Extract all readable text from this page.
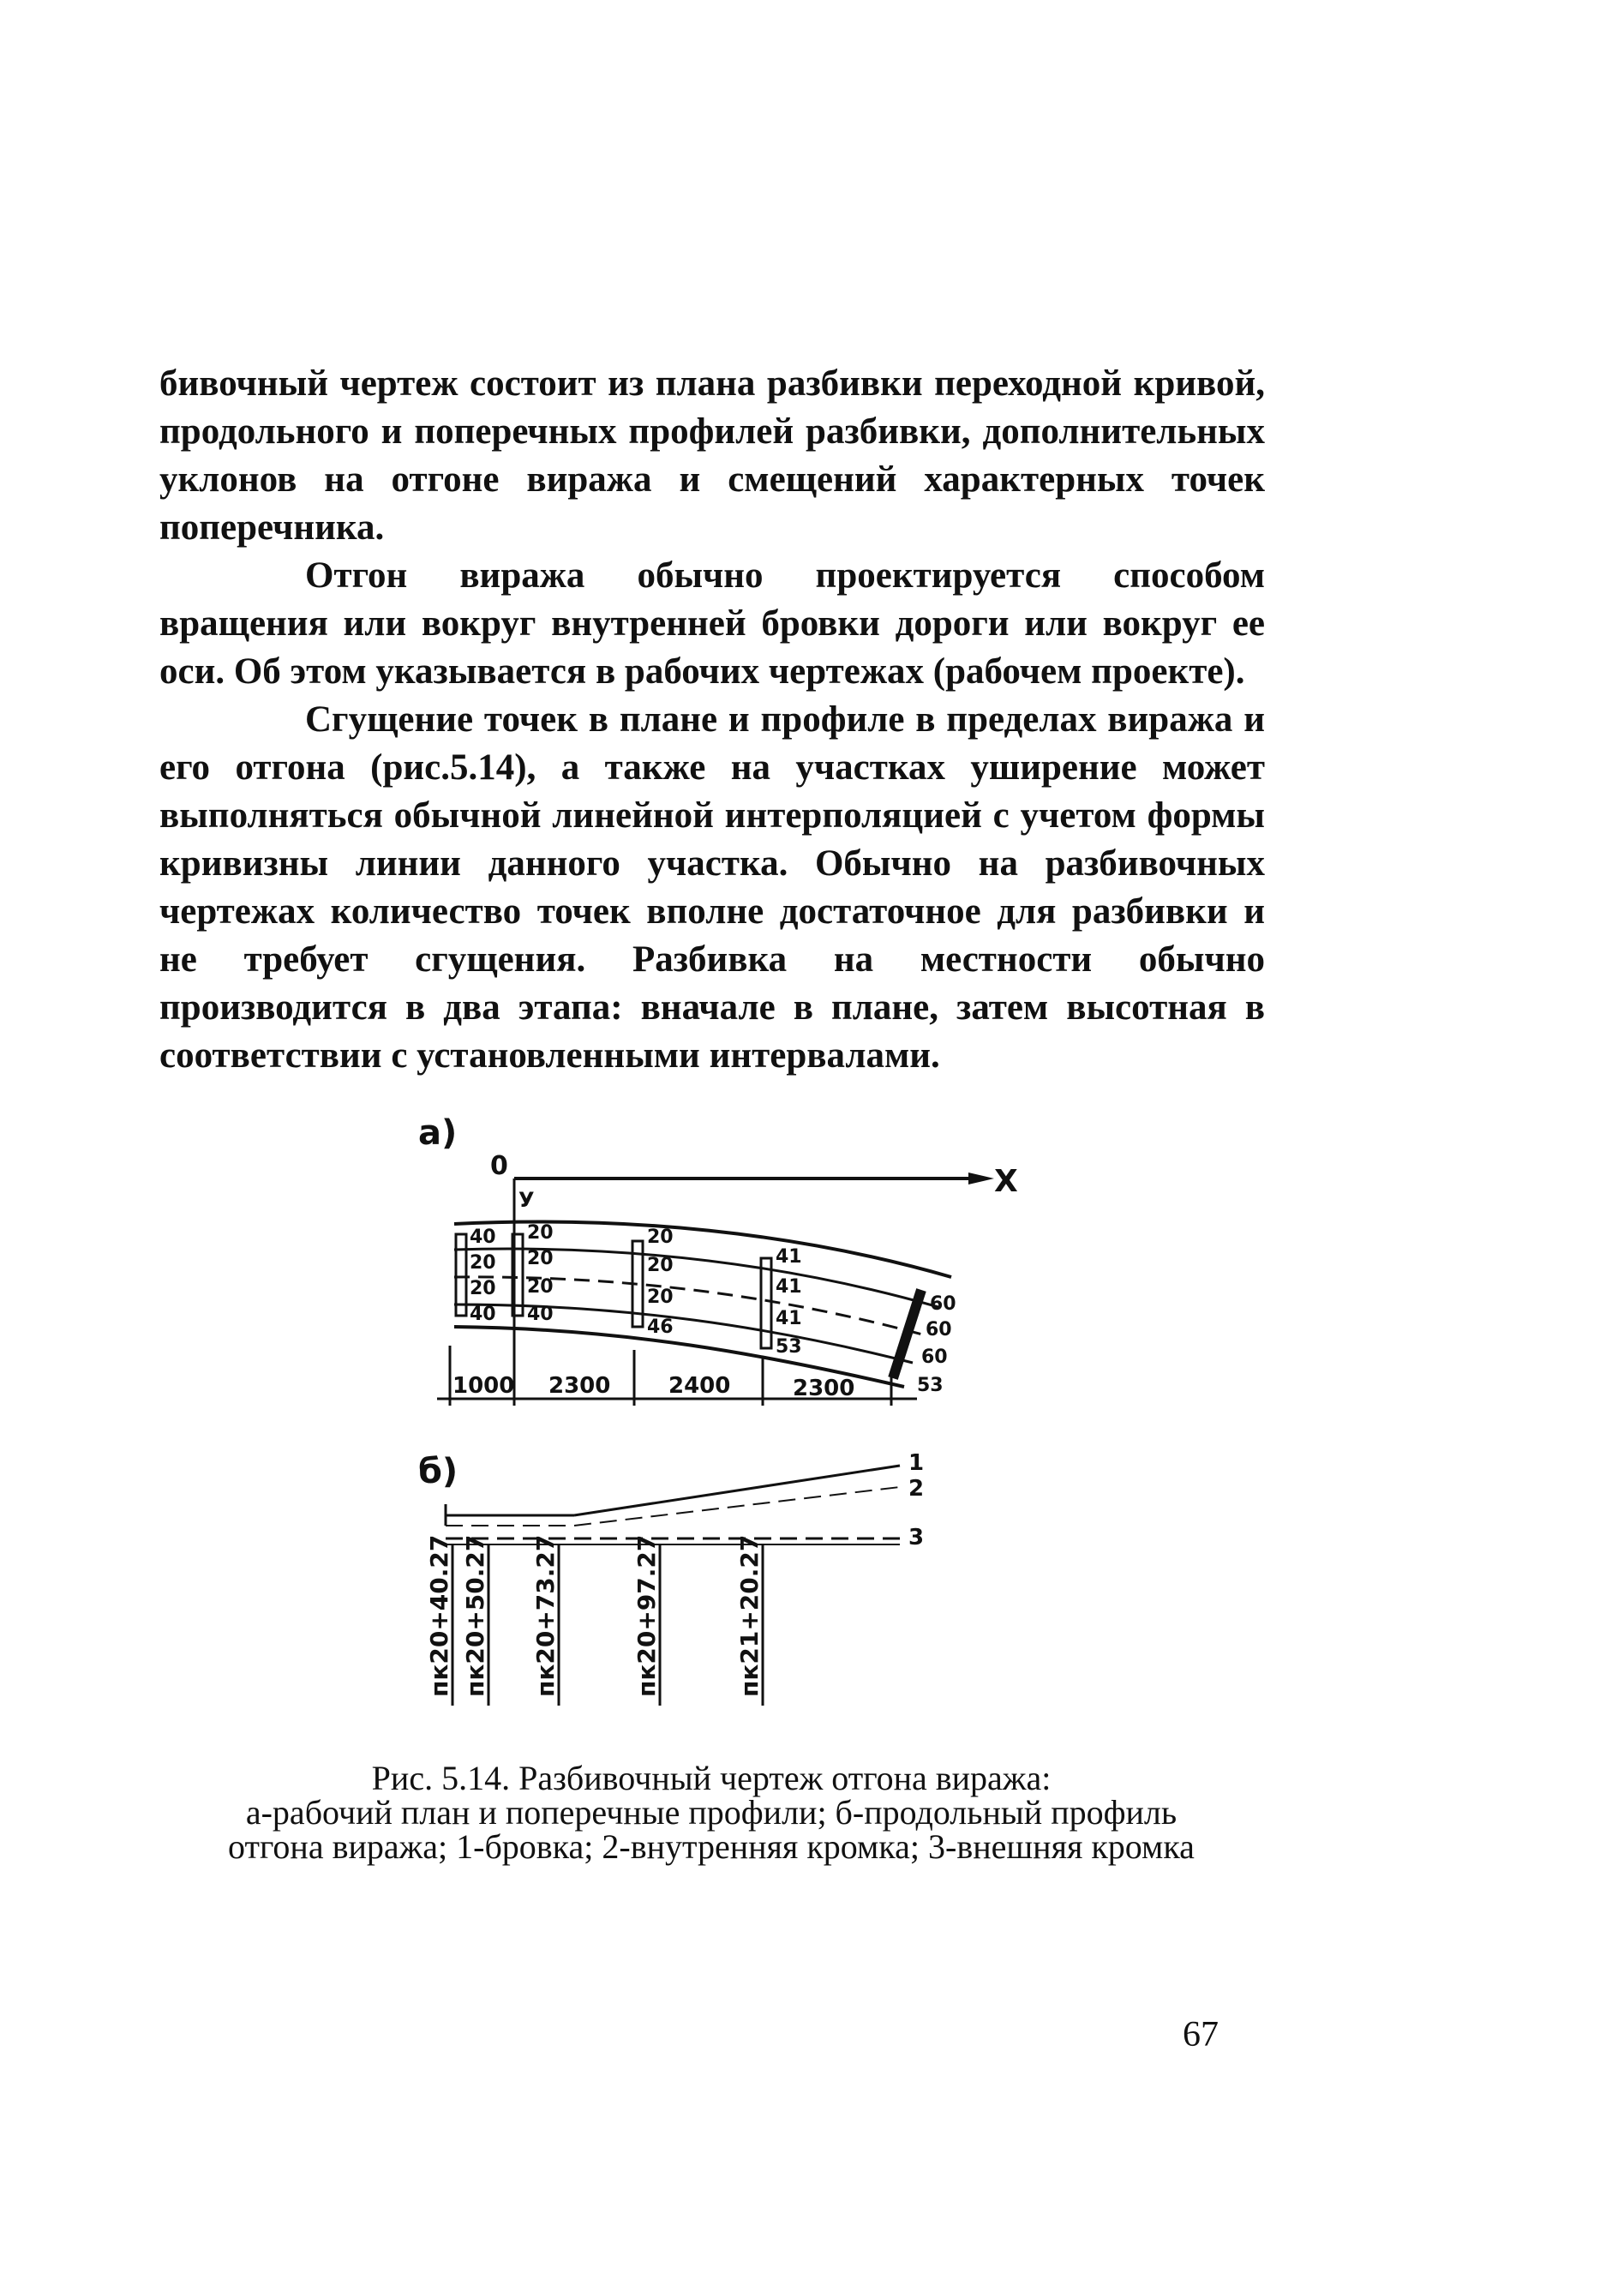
бивочный чертеж состоит из плана разбивки переходной кривой, продольного и поперечных профилей разбивки, дополнительных уклонов на отгоне виража и смещений характерных точек поперечника.

Отгон виража обычно проектируется способом вращения или вокруг внутренней бровки дороги или вокруг ее оси. Об этом указывается в рабочих чертежах (рабочем проекте).

Сгущение точек в плане и профиле в пределах виража и его отгона (рис.5.14), а также на участках уширение может выполняться обычной линейной интерполяцией с учетом формы кривизны линии данного участка. Обычно на разбивочных чертежах количество точек вполне достаточное для разбивки и не требует сгущения. Разбивка на местности обычно производится в два этапа: вначале в плане, затем высотная в соответствии с установленными интервалами.

а)
0	X
У
40
20
20
40
20
20
20
40
20
20
20
46
41
41
41
53
60
60
60
53
1000 2300	2400	2300
б)	1
2
3
пк20+40.27 пк20+50.27 пк20+73.27	пк20+97.27	пк21+20.27
Рис. 5.14. Разбивочный чертеж отгона виража:
а-рабочий план и поперечные профили; б-продольный профиль
отгона виража; 1-бровка; 2-внутренняя кромка; 3-внешняя кромка
67
